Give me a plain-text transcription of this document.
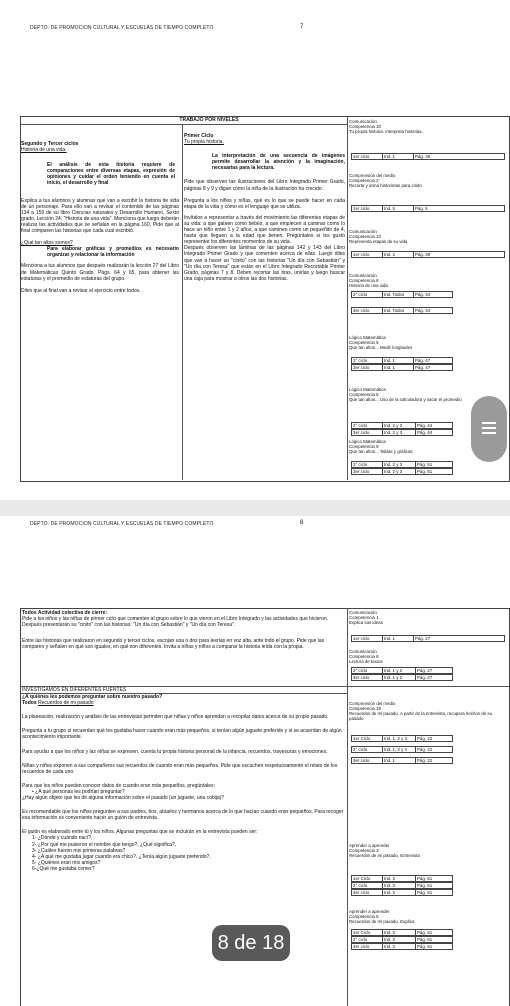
DEPTO. DE PROMOCION CULTURAL Y ESCUELAS DE TIEMPO COMPLETO	7
TRABAJO POR NIVELES
Segundo y Tercer ciclos
Historia de una vida.
El análisis de esta historia requiere de comparaciones entre diversas etapas, expresión de opiniones y cuidar el orden teniendo en cuenta el inicio, el desarrollo y final
Explica a tus alumnos y alumnas que van a escribir la historia de vida de un personaje. Para ello van a revisar el contenido de las páginas 134 a 159 de su libro Ciencias naturales y Desarrollo Humano. Sexto grado. Lección 24. "Historia de una vida". Menciona que luego deberán realizar las actividades que se señalan en la página 160. Pide que al final comparen las historias que cada cual escribió.
¿Qué tan altos somos?
Para elaborar gráficas y promedios es necesario organizar y relacionar la información
Menciona a tus alumnos que después realizarán la lección 27 del Libro de Matemáticas Quinto Grado. Págs. 64 y 65, para obtener las estaturas y el promedio de estaturas del grupo.
Diles que al final van a revisar el ejercicio entre todos.
Primer Ciclo
Tu propia historia.
La interpretación de una secuencia de imágenes permite desarrollar la atención y la imaginación, necesarias para la lectura.
Pide que observen las ilustraciones del Libro Integrado Primer Grado, páginas 8 y 9 y digan cómo la niña de la ilustración ha crecido.
Pregunta a los niños y niñas, qué es lo que se puede hacer en cada etapa de la vida y cómo es el lenguaje que se utiliza.
Invítalos a representar a través del movimiento las diferentes etapas de su vida: a que gateen como bebés, a que empiecen a caminar como lo hace un niño entre 1 y 2 años, a que caminen como un pequeñito de 4, hasta que lleguen a la edad que tienen. Pregúntales si les gustó representar los diferentes momentos de su vida.
Después observen las láminas de las páginas 142 y 143 del Libro Integrado Primer Grado y que comenten acerca de ellas. Luego diles que van a hacer un "cinito" con las historias "Un día con Sebastián" y "Un día con Teresa" que están en el Libro Integrado Recortable Primer Grado, páginas 7 y 8. Deben recortar las tiras, unirlas y luego buscar una caja para mostrar a otros las dos historias.
Comunicación
Competencia 10
Tu propia historia. Interpreta historias.
1er ciclo	Ind. 1	Pág. 36
Comprensión del medio
Competencia 2
Recorta y arma historietas para cinito
1er ciclo	Ind. 5	Pág. 5
Comunicación
Competencia 13
Representa etapas de su vida
1er ciclo	Ind. 2	Pág. 39
Comunicación
Competencia 8
Historia de una vida
2° ciclo	Ind. Todos	Pág. 34
3er ciclo	Ind. Todos	Pág. 34
Lógico Matemática
Competencia 5
Que tan altos... Medir longitudes
2° ciclo	Ind. 1	Pág. 47
3er ciclo	Ind. 1	Pág. 47
Lógico Matemática
Competencia 5
Que tan altos... Uso de la calculadora y sacar el promedio
2° ciclo	Ind. 2 y 3	Pág. 44
3er ciclo	Ind. 2 y 3	Pág. 44
Lógico Matemática
Competencia 9
Que tan altos... Tablas y gráficas
2° ciclo	Ind. 2 y 3	Pág. 51
3er ciclo	Ind. 2 y 3	Pág. 51
DEPTO. DE PROMOCION CULTURAL Y ESCUELAS DE TIEMPO COMPLETO	8
Todos Actividad colectiva de cierre:
Pide a los niños y las niñas de primer ciclo que comenten al grupo sobre lo que vieron en el Libro Integrado y las actividades que hicieron. Después presentarán su "cinito" con las historias: "Un día con Sebastián" y "Un día con Teresa".
Entre las historias que realizaron en segundo y tercer ciclos, escojan una o dos para leerlas en voz alta, ante todo el grupo. Pide que las comparen y señalen en qué son iguales, en qué son diferentes. Invita a niñas y niños a comparar la historia leída con la propia.
INVESTIGAMOS EN DIFERENTES FUENTES
¿A quiénes les podemos preguntar sobre nuestro pasado?
Todos Recuerdos de mi pasado
La planeación, realización y análisis de las entrevistas permiten que niñas y niños aprendan a recopilar datos acerca de su propio pasado.
Pregunta a tu grupo si recuerdan qué les gustaba hacer cuando eran más pequeños, si tenían algún juguete preferido y si se acuerdan de algún acontecimiento importante.
Para ayudar a que los niños y las niñas se expresen, cuenta tu propia historia personal de la infancia, recuerdos, travesuras y emociones.
Niñas y niños exponen a sus compañeros sus recuerdos de cuando eran más pequeños. Pide que escuchen respetuosamente el relato de los recuerdos de cada uno.
Para que los niños puedan conocer datos de cuando eran más pequeños, pregúntales:
• ¿A qué personas les podrían preguntar?
¿Hay algún objeto que les dé alguna información sobre el pasado (un juguete, una cobija)?
Es recomendable que los niños pregunten a sus padres, tíos, abuelos y hermanos acerca de lo que hacían cuando eran pequeños. Para recoger esa información es conveniente hacer un guión de entrevista.
El guión es elaborado entre tú y los niños. Algunas preguntas que se incluirán en la entrevista pueden ser:
1- ¿Dónde y cuándo nací?,
2- ¿Por qué me pusieron el nombre que tengo?, ¿Qué significa?,
3- ¿Cuáles fueron mis primeras palabras?
4- ¿A qué me gustaba jugar cuando era chico?, ¿Tenía algún juguete preferido?,
5- ¿Quiénes eran mis amigos?
6-¿Qué me gustaba comer?
Comunicación
Competencia 1
Explica sus ideas
1er ciclo	Ind. 1	Pág. 27
Comunicación
Competencia 8
Lectura de textos
2° ciclo	Ind. 1 y 2	Pág. 27
3er ciclo	Ind. 1 y 2	Pág. 27
Comprensión del medio
Competencia 19
Recuerdos de mi pasado. A partir de la entrevista, recupera hechos de su pasado
1er Ciclo	Ind. 1, 2 y 3	Pág. 22
2° ciclo	Ind. 1, 3 y 4	Pág. 22
3er ciclo	Ind. 1	Pág. 22
Aprender a aprender
Competencia 3
Recuerdos de mi pasado. Entrevista
1er Ciclo	Ind. 3	Pág. 61
2° ciclo	Ind. 3	Pág. 61
3er ciclo	Ind. 3	Pág. 61
Aprender a aprender
Competencia 5
Recuerdos de mi pasado. Explica
1er Ciclo	Ind. 3	Pág. 61
2° ciclo	Ind. 3	Pág. 61
3er ciclo	Ind. 3	Pág. 61
8 de 18
